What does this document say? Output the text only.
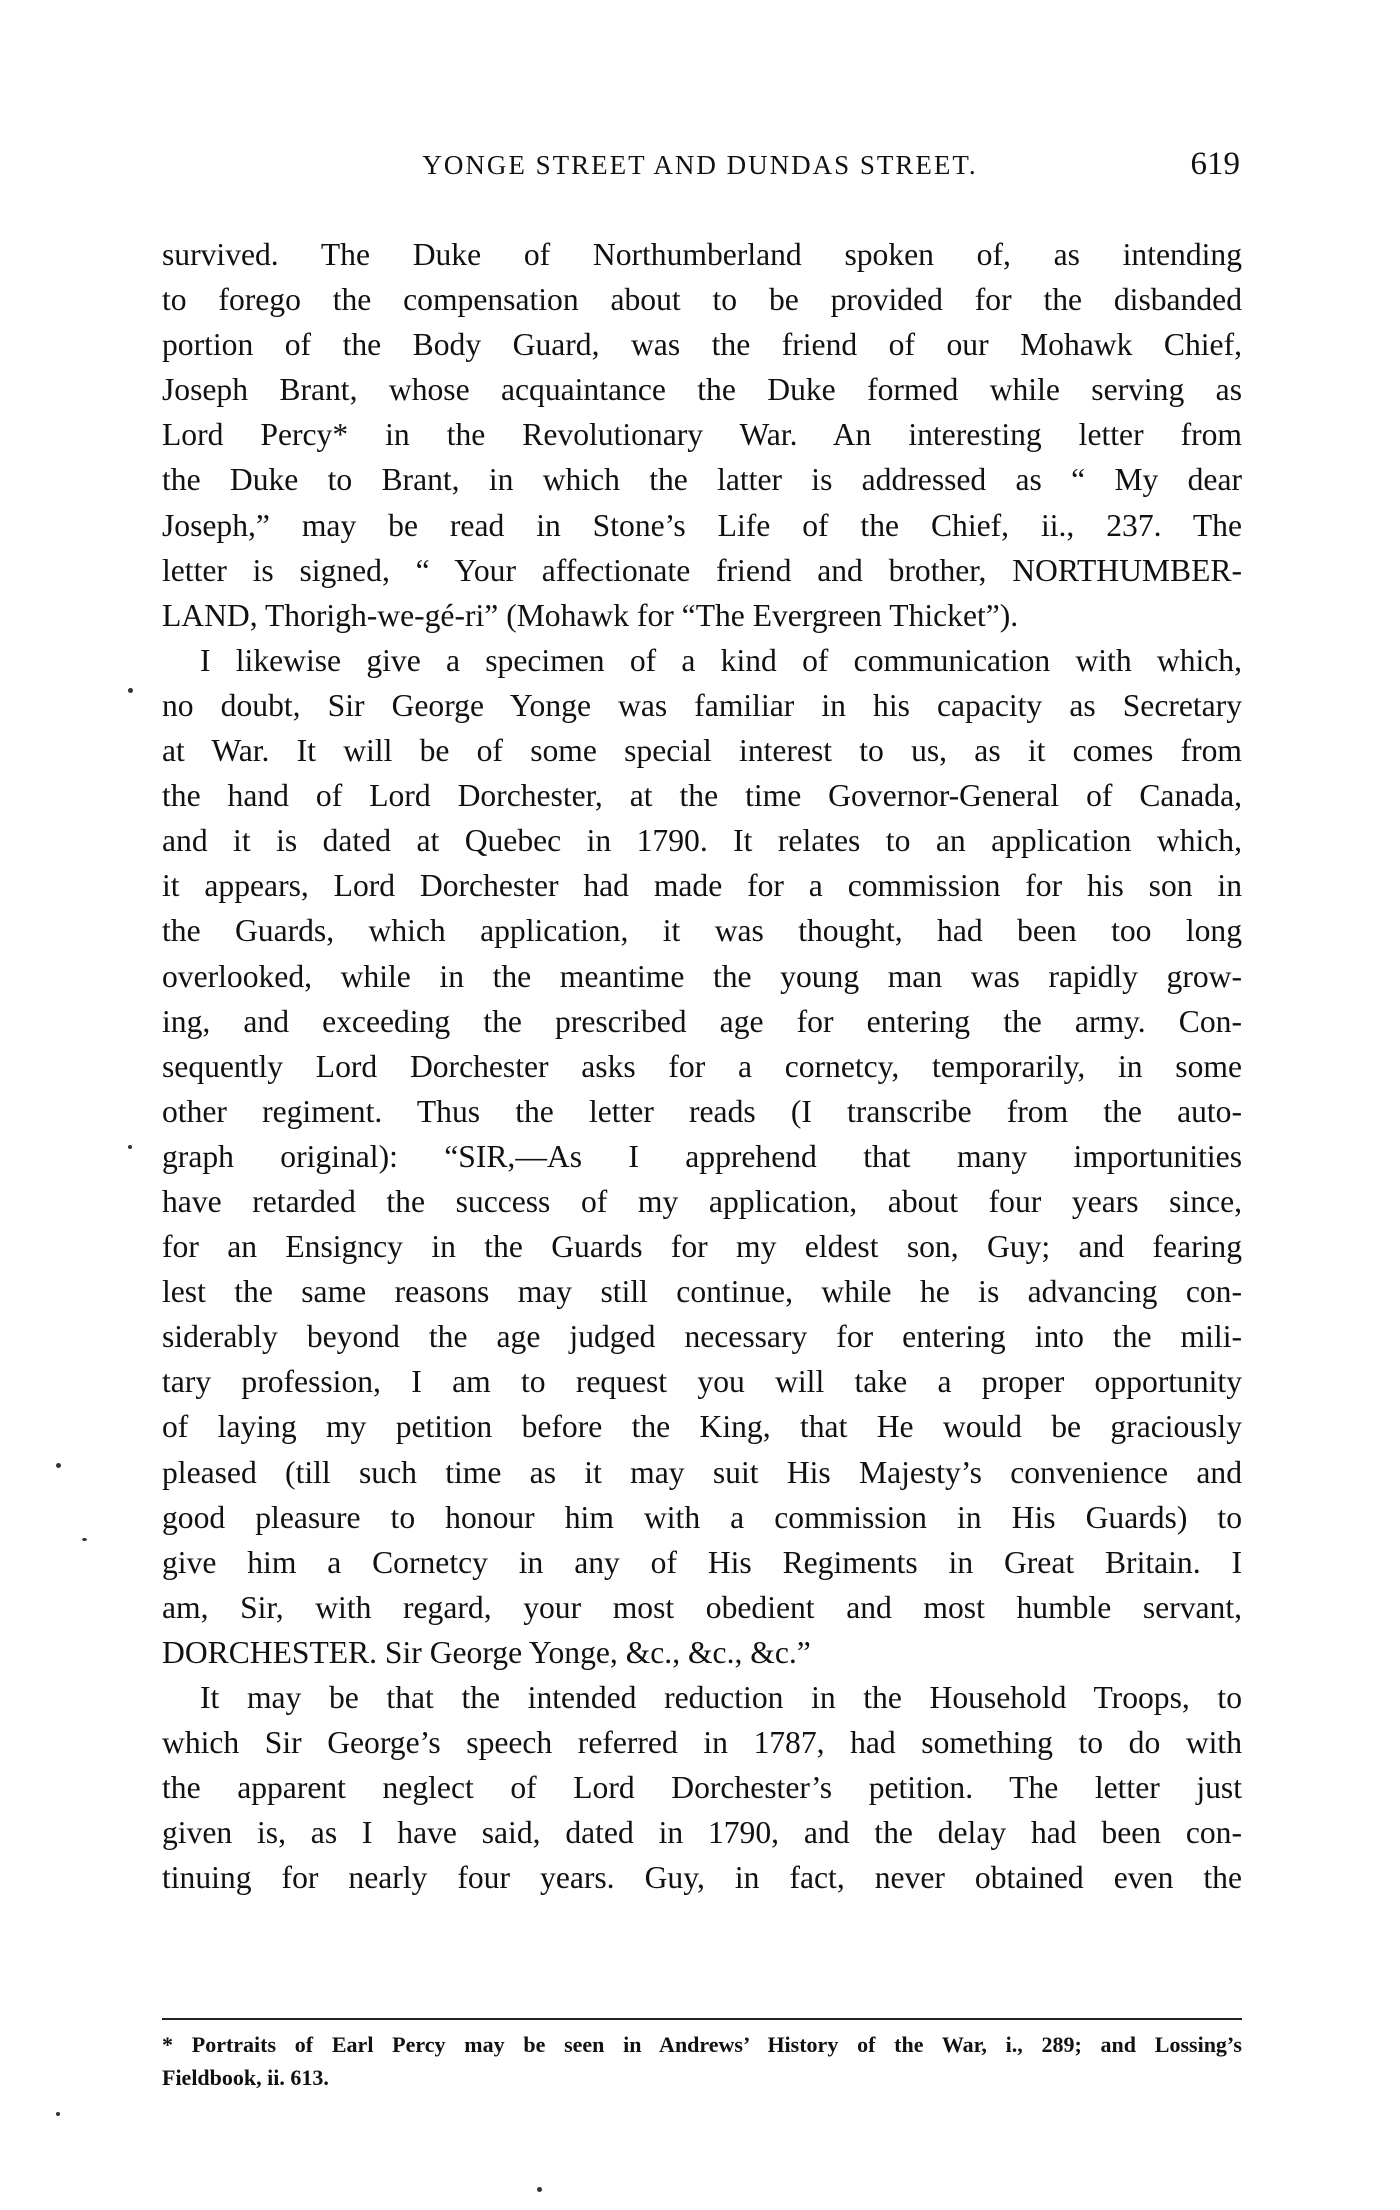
YONGE STREET AND DUNDAS STREET.	619

survived. The Duke of Northumberland spoken of, as intending
to forego the compensation about to be provided for the disbanded
portion of the Body Guard, was the friend of our Mohawk Chief,
Joseph Brant, whose acquaintance the Duke formed while serving as
Lord Percy* in the Revolutionary War. An interesting letter from
the Duke to Brant, in which the latter is addressed as “ My dear
Joseph,” may be read in Stone’s Life of the Chief, ii., 237. The
letter is signed, “ Your affectionate friend and brother, NORTHUMBER-
LAND, Thorigh-we-gé-ri” (Mohawk for “The Evergreen Thicket”).

I likewise give a specimen of a kind of communication with which,
no doubt, Sir George Yonge was familiar in his capacity as Secretary
at War. It will be of some special interest to us, as it comes from
the hand of Lord Dorchester, at the time Governor-General of Canada,
and it is dated at Quebec in 1790. It relates to an application which,
it appears, Lord Dorchester had made for a commission for his son in
the Guards, which application, it was thought, had been too long
overlooked, while in the meantime the young man was rapidly grow-
ing, and exceeding the prescribed age for entering the army. Con-
sequently Lord Dorchester asks for a cornetcy, temporarily, in some
other regiment. Thus the letter reads (I transcribe from the auto-
graph original): “SIR,—As I apprehend that many importunities
have retarded the success of my application, about four years since,
for an Ensigncy in the Guards for my eldest son, Guy; and fearing
lest the same reasons may still continue, while he is advancing con-
siderably beyond the age judged necessary for entering into the mili-
tary profession, I am to request you will take a proper opportunity
of laying my petition before the King, that He would be graciously
pleased (till such time as it may suit His Majesty’s convenience and
good pleasure to honour him with a commission in His Guards) to
give him a Cornetcy in any of His Regiments in Great Britain. I
am, Sir, with regard, your most obedient and most humble servant,
DORCHESTER. Sir George Yonge, &c., &c., &c.”

It may be that the intended reduction in the Household Troops, to
which Sir George’s speech referred in 1787, had something to do with
the apparent neglect of Lord Dorchester’s petition. The letter just
given is, as I have said, dated in 1790, and the delay had been con-
tinuing for nearly four years. Guy, in fact, never obtained even the

* Portraits of Earl Percy may be seen in Andrews’ History of the War, i., 289; and Lossing’s
Fieldbook, ii. 613.
